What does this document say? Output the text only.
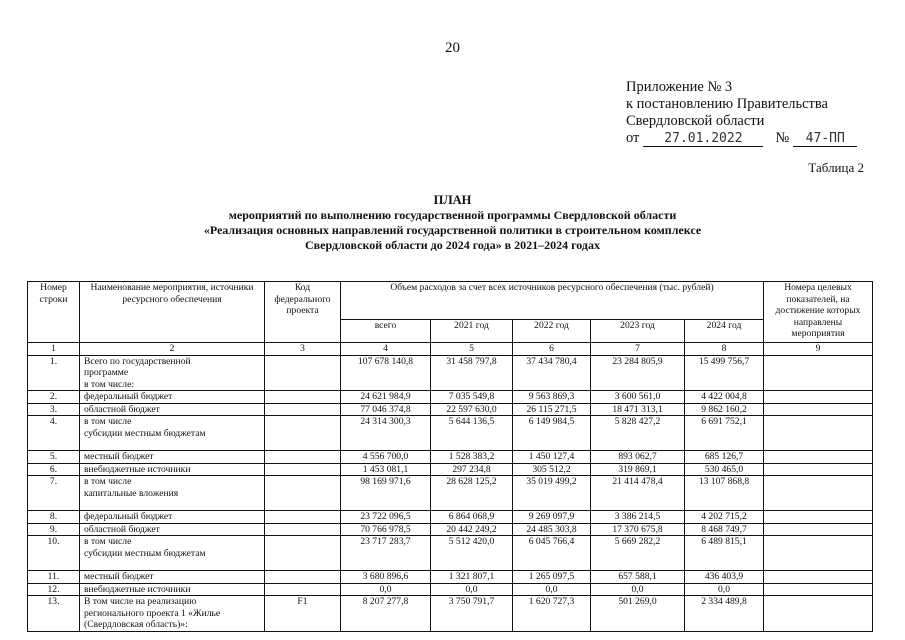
20
Приложение № 3
к постановлению Правительства
Свердловской области
от	27.01.2022	№	47-ПП
Таблица 2
ПЛАН
мероприятий по выполнению государственной программы Свердловской области
«Реализация основных направлений государственной политики в строительном комплексе
Свердловской области до 2024 года» в 2021–2024 годах
Номер строки	Наименование мероприятия, источники ресурсного обеспечения	Код федерального проекта	Объем расходов за счет всех источников ресурсного обеспечения (тыс. рублей)					Номера целевых показателей, на достижение которых направлены мероприятия
			всего	2021 год	2022 год	2023 год	2024 год	
1	2	3	4	5	6	7	8	9
1.	Всего по государственной
программе
в том числе:		107 678 140,8	31 458 797,8	37 434 780,4	23 284 805,9	15 499 756,7	
2.	федеральный бюджет		24 621 984,9	7 035 549,8	9 563 869,3	3 600 561,0	4 422 004,8	
3.	областной бюджет		77 046 374,8	22 597 630,0	26 115 271,5	18 471 313,1	9 862 160,2	
4.	в том числе
субсидии местным бюджетам		24 314 300,3	5 644 136,5	6 149 984,5	5 828 427,2	6 691 752,1	
5.	местный бюджет		4 556 700,0	1 528 383,2	1 450 127,4	893 062,7	685 126,7	
6.	внебюджетные источники		1 453 081,1	297 234,8	305 512,2	319 869,1	530 465,0	
7.	в том числе
капитальные вложения		98 169 971,6	28 628 125,2	35 019 499,2	21 414 478,4	13 107 868,8	
8.	федеральный бюджет		23 722 096,5	6 864 068,9	9 269 097,9	3 386 214,5	4 202 715,2	
9.	областной бюджет		70 766 978,5	20 442 249,2	24 485 303,8	17 370 675,8	8 468 749,7	
10.	в том числе
субсидии местным бюджетам		23 717 283,7	5 512 420,0	6 045 766,4	5 669 282,2	6 489 815,1	
11.	местный бюджет		3 680 896,6	1 321 807,1	1 265 097,5	657 588,1	436 403,9	
12.	внебюджетные источники		0,0	0,0	0,0	0,0	0,0	
13.	В том числе на реализацию
регионального проекта 1 «Жилье
(Свердловская область)»:	F1	8 207 277,8	3 750 791,7	1 620 727,3	501 269,0	2 334 489,8	
